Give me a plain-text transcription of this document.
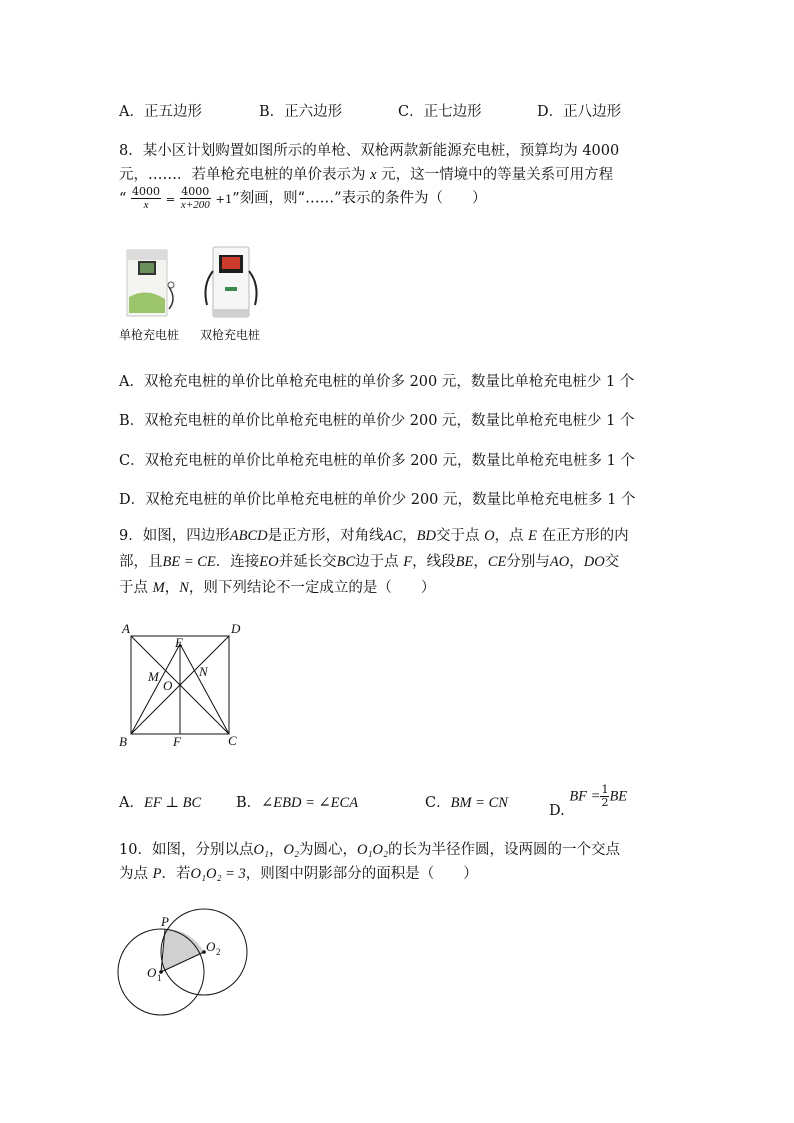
A．正五边形	B．正六边形	C．正七边形	D．正八边形
8．某小区计划购置如图所示的单枪、双枪两款新能源充电桩，预算均为 4000
元，……．若单枪充电桩的单价表示为 x 元，这一情境中的等量关系可用方程
“ $\frac{4000}{x} = \frac{4000}{x+200} +1$”刻画，则“……”表示的条件为（　　）
单枪充电桩 双枪充电桩
A．双枪充电桩的单价比单枪充电桩的单价多 200 元，数量比单枪充电桩少 1 个
B．双枪充电桩的单价比单枪充电桩的单价少 200 元，数量比单枪充电桩少 1 个
C．双枪充电桩的单价比单枪充电桩的单价多 200 元，数量比单枪充电桩多 1 个
D．双枪充电桩的单价比单枪充电桩的单价少 200 元，数量比单枪充电桩多 1 个
9．如图，四边形ABCD是正方形，对角线AC，BD交于点 O，点 E 在正方形的内
部，且BE = CE．连接EO并延长交BC边于点 F，线段BE，CE分别与AO，DO交
于点 M，N，则下列结论不一定成立的是（　　）
A	D
E
M	N
O
B	F	C
A．EF ⊥ BC B．∠EBD = ∠ECA	C．BM = CN	D. BF = $\frac{1}{2}$ BE
10．如图，分别以点O₁，O₂为圆心，O₁O₂的长为半径作圆，设两圆的一个交点
为点 P．若O₁O₂ = 3，则图中阴影部分的面积是（　　）
P
O 1
O 2
